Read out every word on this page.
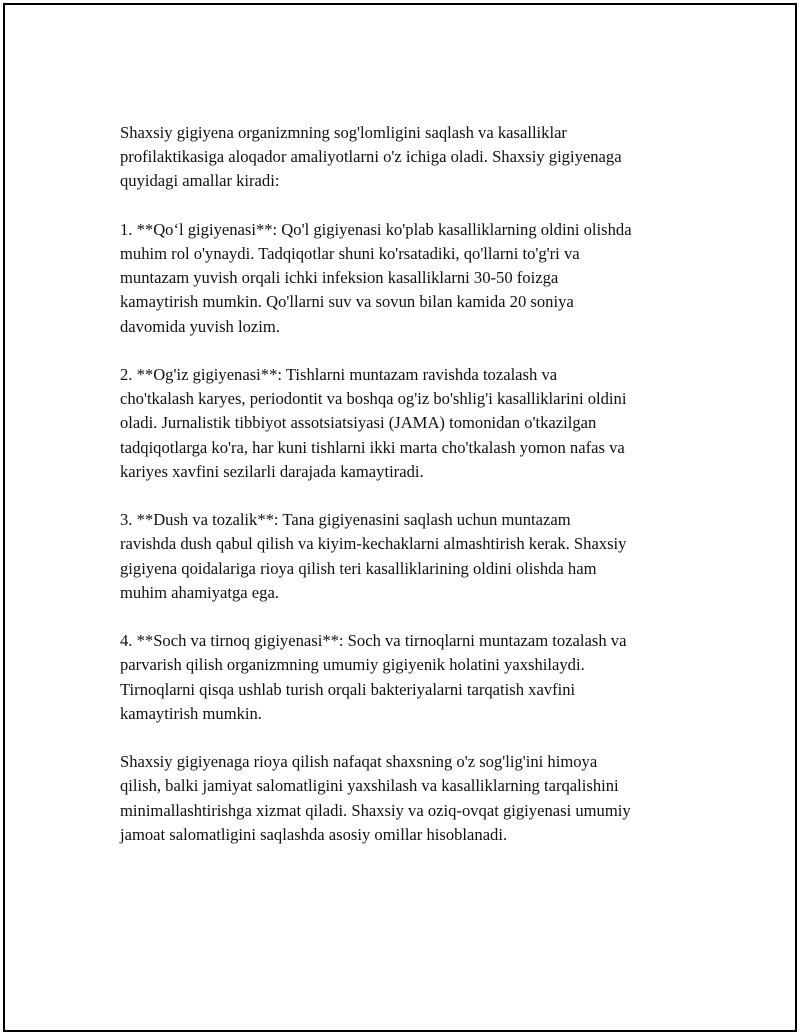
Shaxsiy gigiyena organizmning sog'lomligini saqlash va kasalliklar
profilaktikasiga aloqador amaliyotlarni o'z ichiga oladi. Shaxsiy gigiyenaga
quyidagi amallar kiradi:

1. **Qo‘l gigiyenasi**: Qo'l gigiyenasi ko'plab kasalliklarning oldini olishda
muhim rol o'ynaydi. Tadqiqotlar shuni ko'rsatadiki, qo'llarni to'g'ri va
muntazam yuvish orqali ichki infeksion kasalliklarni 30-50 foizga
kamaytirish mumkin. Qo'llarni suv va sovun bilan kamida 20 soniya
davomida yuvish lozim.

2. **Og'iz gigiyenasi**: Tishlarni muntazam ravishda tozalash va
cho'tkalash karyes, periodontit va boshqa og'iz bo'shlig'i kasalliklarini oldini
oladi. Jurnalistik tibbiyot assotsiatsiyasi (JAMA) tomonidan o'tkazilgan
tadqiqotlarga ko'ra, har kuni tishlarni ikki marta cho'tkalash yomon nafas va
kariyes xavfini sezilarli darajada kamaytiradi.

3. **Dush va tozalik**: Tana gigiyenasini saqlash uchun muntazam
ravishda dush qabul qilish va kiyim-kechaklarni almashtirish kerak. Shaxsiy
gigiyena qoidalariga rioya qilish teri kasalliklarining oldini olishda ham
muhim ahamiyatga ega.

4. **Soch va tirnoq gigiyenasi**: Soch va tirnoqlarni muntazam tozalash va
parvarish qilish organizmning umumiy gigiyenik holatini yaxshilaydi.
Tirnoqlarni qisqa ushlab turish orqali bakteriyalarni tarqatish xavfini
kamaytirish mumkin.

Shaxsiy gigiyenaga rioya qilish nafaqat shaxsning o'z sog'lig'ini himoya
qilish, balki jamiyat salomatligini yaxshilash va kasalliklarning tarqalishini
minimallashtirishga xizmat qiladi. Shaxsiy va oziq-ovqat gigiyenasi umumiy
jamoat salomatligini saqlashda asosiy omillar hisoblanadi.
